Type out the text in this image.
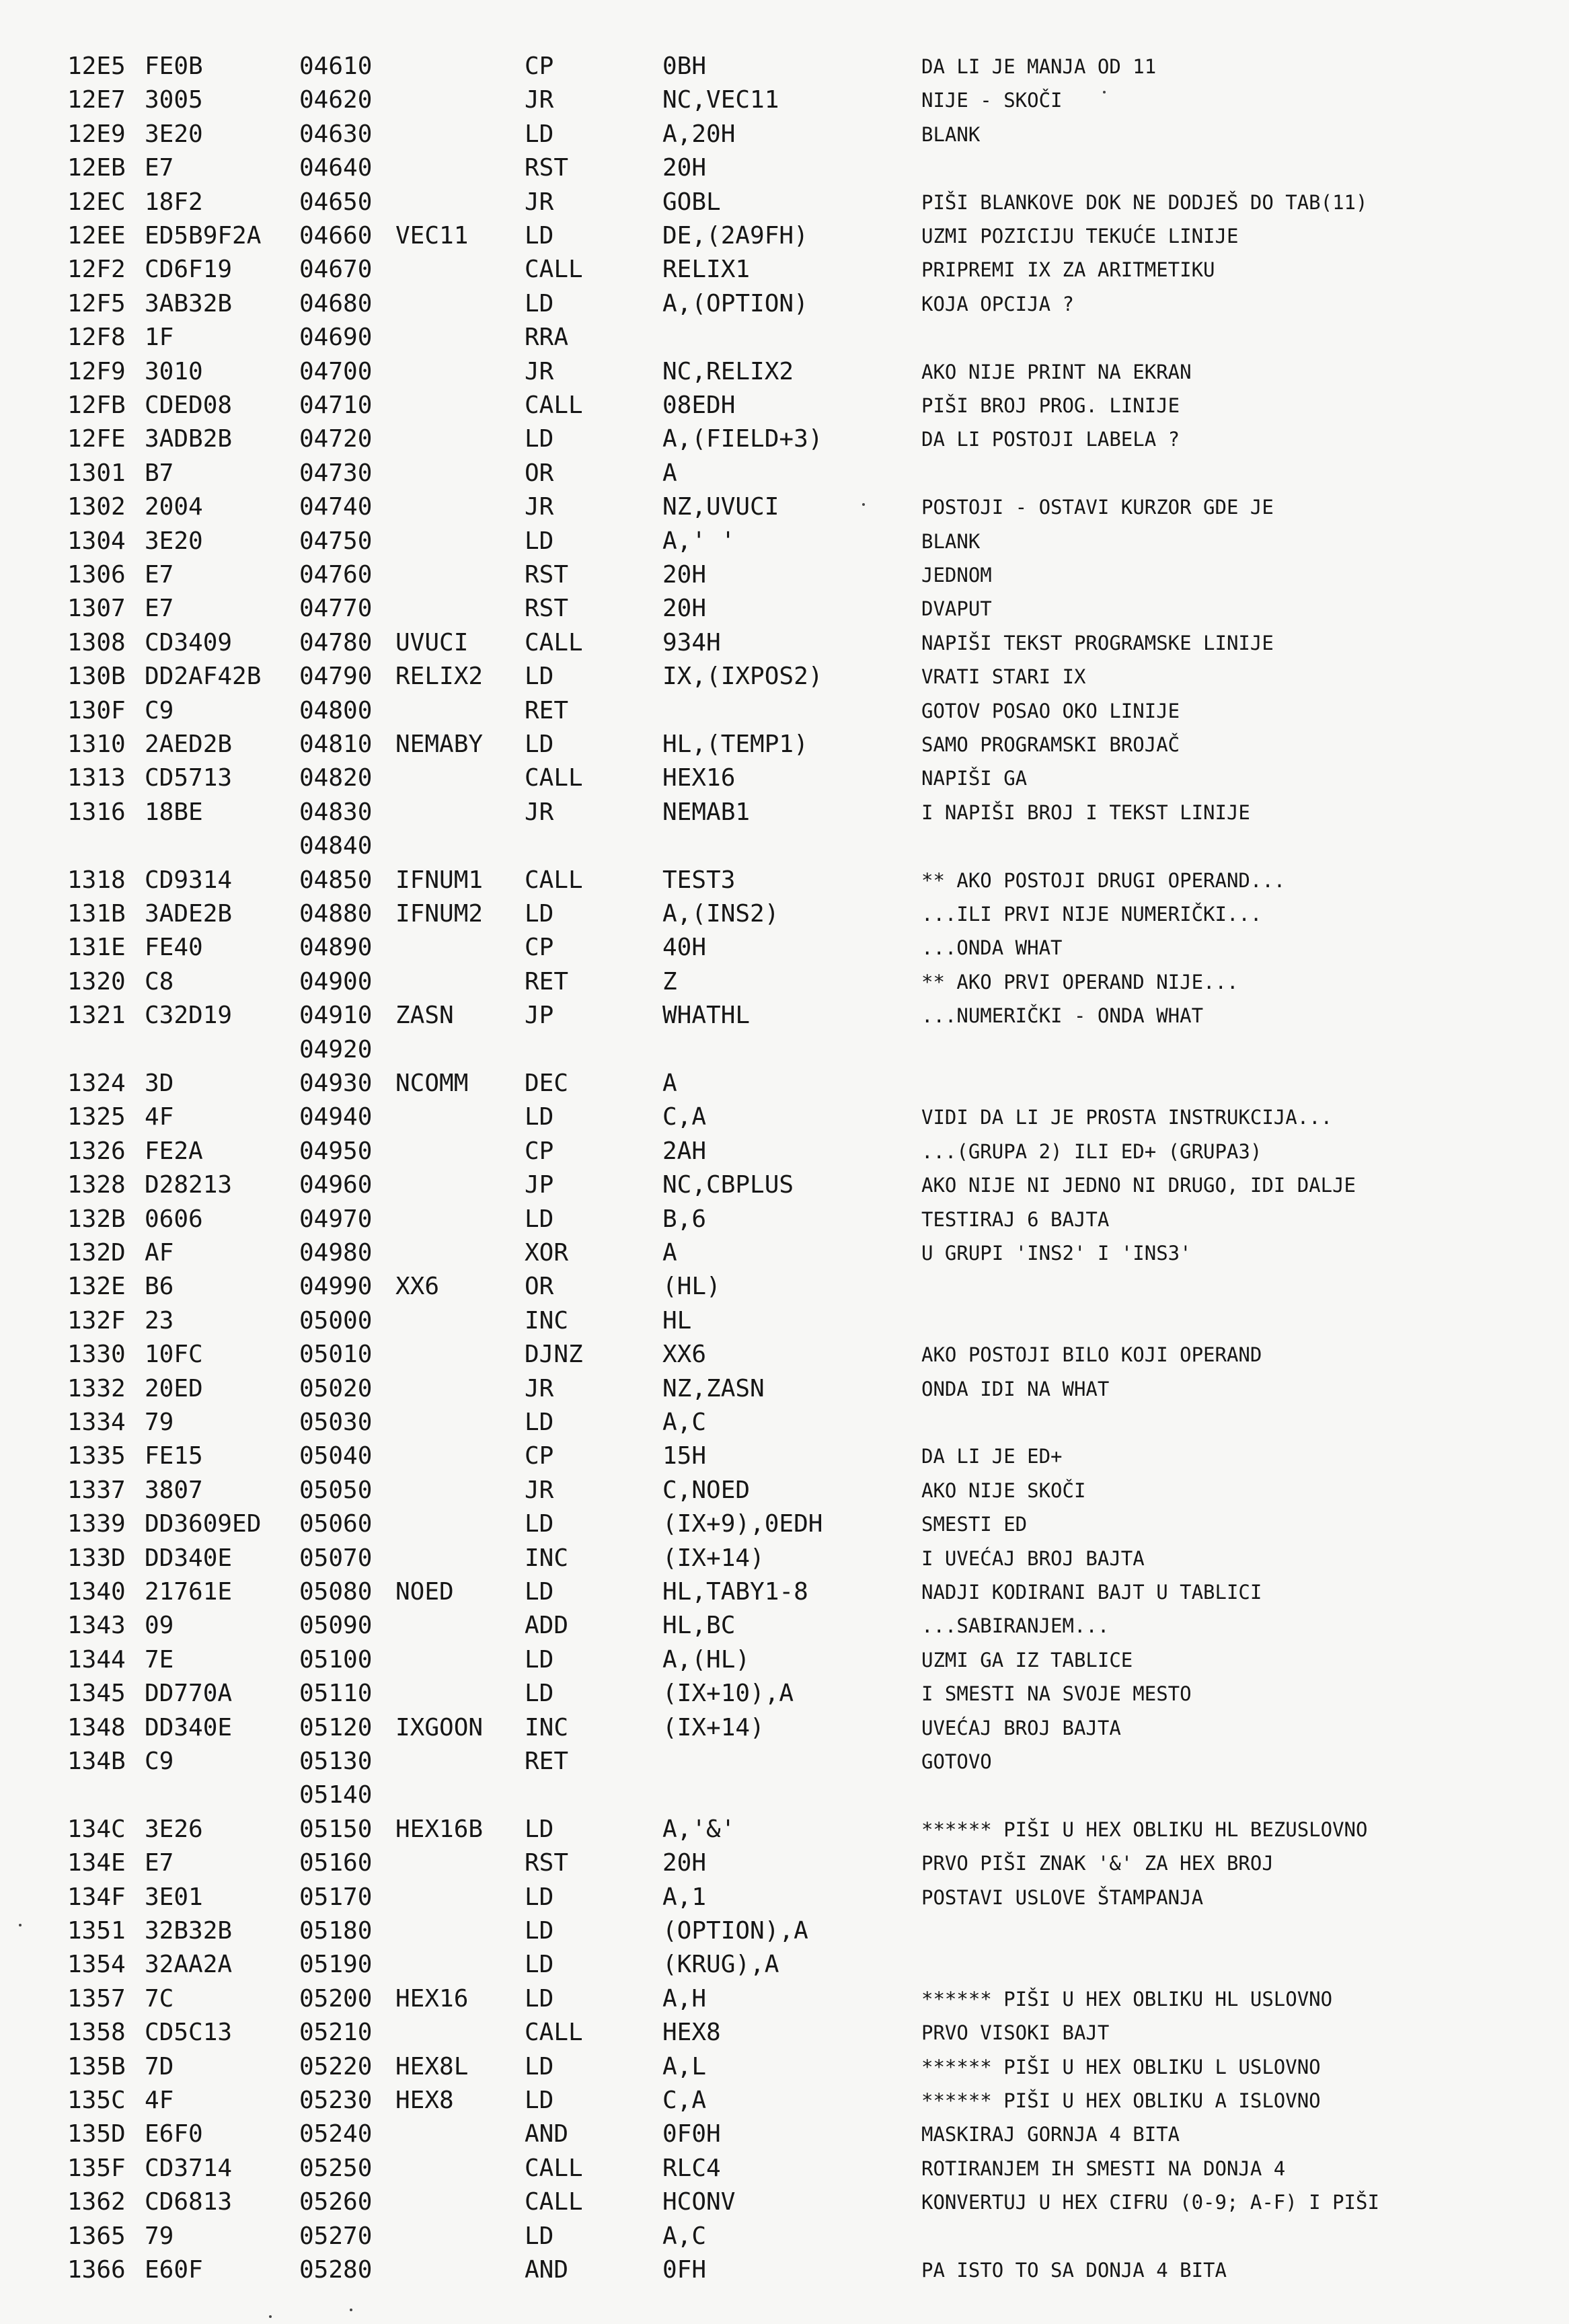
12E5 FE0B	04610	CP	0BH	DA LI JE MANJA OD 11
12E7 3005	04620	JR	NC,VEC11	NIJE - SKOČI
12E9 3E20	04630	LD	A,20H	BLANK
12EB E7	04640	RST	20H
12EC 18F2	04650	JR	GOBL	PIŠI BLANKOVE DOK NE DODJEŠ DO TAB(11)
12EE ED5B9F2A 04660 VEC11 LD	DE,(2A9FH)	UZMI POZICIJU TEKUĆE LINIJE
12F2 CD6F19	04670	CALL	RELIX1	PRIPREMI IX ZA ARITMETIKU
12F5 3AB32B	04680	LD	A,(OPTION)	KOJA OPCIJA ?
12F8 1F	04690	RRA
12F9 3010	04700	JR	NC,RELIX2	AKO NIJE PRINT NA EKRAN
12FB CDED08	04710	CALL	08EDH	PIŠI BROJ PROG. LINIJE
12FE 3ADB2B	04720	LD	A,(FIELD+3)	DA LI POSTOJI LABELA ?
1301 B7	04730	OR	A
1302 2004	04740	JR	NZ,UVUCI	POSTOJI - OSTAVI KURZOR GDE JE
1304 3E20	04750	LD	A,' '	BLANK
1306 E7	04760	RST	20H	JEDNOM
1307 E7	04770	RST	20H	DVAPUT
1308 CD3409	04780 UVUCI CALL	934H	NAPIŠI TEKST PROGRAMSKE LINIJE
130B DD2AF42B 04790 RELIX2 LD	IX,(IXPOS2)	VRATI STARI IX
130F C9	04800	RET	GOTOV POSAO OKO LINIJE
1310 2AED2B	04810 NEMABY LD	HL,(TEMP1)	SAMO PROGRAMSKI BROJAČ
1313 CD5713	04820	CALL	HEX16	NAPIŠI GA
1316 18BE	04830	JR	NEMAB1	I NAPIŠI BROJ I TEKST LINIJE
04840
1318 CD9314	04850 IFNUM1 CALL	TEST3	** AKO POSTOJI DRUGI OPERAND...
131B 3ADE2B	04880 IFNUM2 LD	A,(INS2)	...ILI PRVI NIJE NUMERIČKI...
131E FE40	04890	CP	40H	...ONDA WHAT
1320 C8	04900	RET	Z	** AKO PRVI OPERAND NIJE...
1321 C32D19	04910 ZASN	JP	WHATHL	...NUMERIČKI - ONDA WHAT
04920
1324 3D	04930 NCOMM DEC	A
1325 4F	04940	LD	C,A	VIDI DA LI JE PROSTA INSTRUKCIJA...
1326 FE2A	04950	CP	2AH	...(GRUPA 2) ILI ED+ (GRUPA3)
1328 D28213	04960	JP	NC,CBPLUS	AKO NIJE NI JEDNO NI DRUGO, IDI DALJE
132B 0606	04970	LD	B,6	TESTIRAJ 6 BAJTA
132D AF	04980	XOR	A	U GRUPI 'INS2' I 'INS3'
132E B6	04990 XX6	OR	(HL)
132F 23	05000	INC	HL
1330 10FC	05010	DJNZ	XX6	AKO POSTOJI BILO KOJI OPERAND
1332 20ED	05020	JR	NZ,ZASN	ONDA IDI NA WHAT
1334 79	05030	LD	A,C
1335 FE15	05040	CP	15H	DA LI JE ED+
1337 3807	05050	JR	C,NOED	AKO NIJE SKOČI
1339 DD3609ED 05060	LD	(IX+9),0EDH	SMESTI ED
133D DD340E	05070	INC	(IX+14)	I UVEĆAJ BROJ BAJTA
1340 21761E	05080 NOED	LD	HL,TABY1-8	NADJI KODIRANI BAJT U TABLICI
1343 09	05090	ADD	HL,BC	...SABIRANJEM...
1344 7E	05100	LD	A,(HL)	UZMI GA IZ TABLICE
1345 DD770A	05110	LD	(IX+10),A	I SMESTI NA SVOJE MESTO
1348 DD340E	05120 IXGOON INC	(IX+14)	UVEĆAJ BROJ BAJTA
134B C9	05130	RET	GOTOVO
05140
134C 3E26	05150 HEX16B LD	A,'&'	****** PIŠI U HEX OBLIKU HL BEZUSLOVNO
134E E7	05160	RST	20H	PRVO PIŠI ZNAK '&' ZA HEX BROJ
134F 3E01	05170	LD	A,1	POSTAVI USLOVE ŠTAMPANJA
1351 32B32B	05180	LD	(OPTION),A
1354 32AA2A	05190	LD	(KRUG),A
1357 7C	05200 HEX16 LD	A,H	****** PIŠI U HEX OBLIKU HL USLOVNO
1358 CD5C13	05210	CALL	HEX8	PRVO VISOKI BAJT
135B 7D	05220 HEX8L LD	A,L	****** PIŠI U HEX OBLIKU L USLOVNO
135C 4F	05230 HEX8	LD	C,A	****** PIŠI U HEX OBLIKU A ISLOVNO
135D E6F0	05240	AND	0F0H	MASKIRAJ GORNJA 4 BITA
135F CD3714	05250	CALL	RLC4	ROTIRANJEM IH SMESTI NA DONJA 4
1362 CD6813	05260	CALL	HCONV	KONVERTUJ U HEX CIFRU (0-9; A-F) I PIŠI
1365 79	05270	LD	A,C
1366 E60F	05280	AND	0FH	PA ISTO TO SA DONJA 4 BITA
